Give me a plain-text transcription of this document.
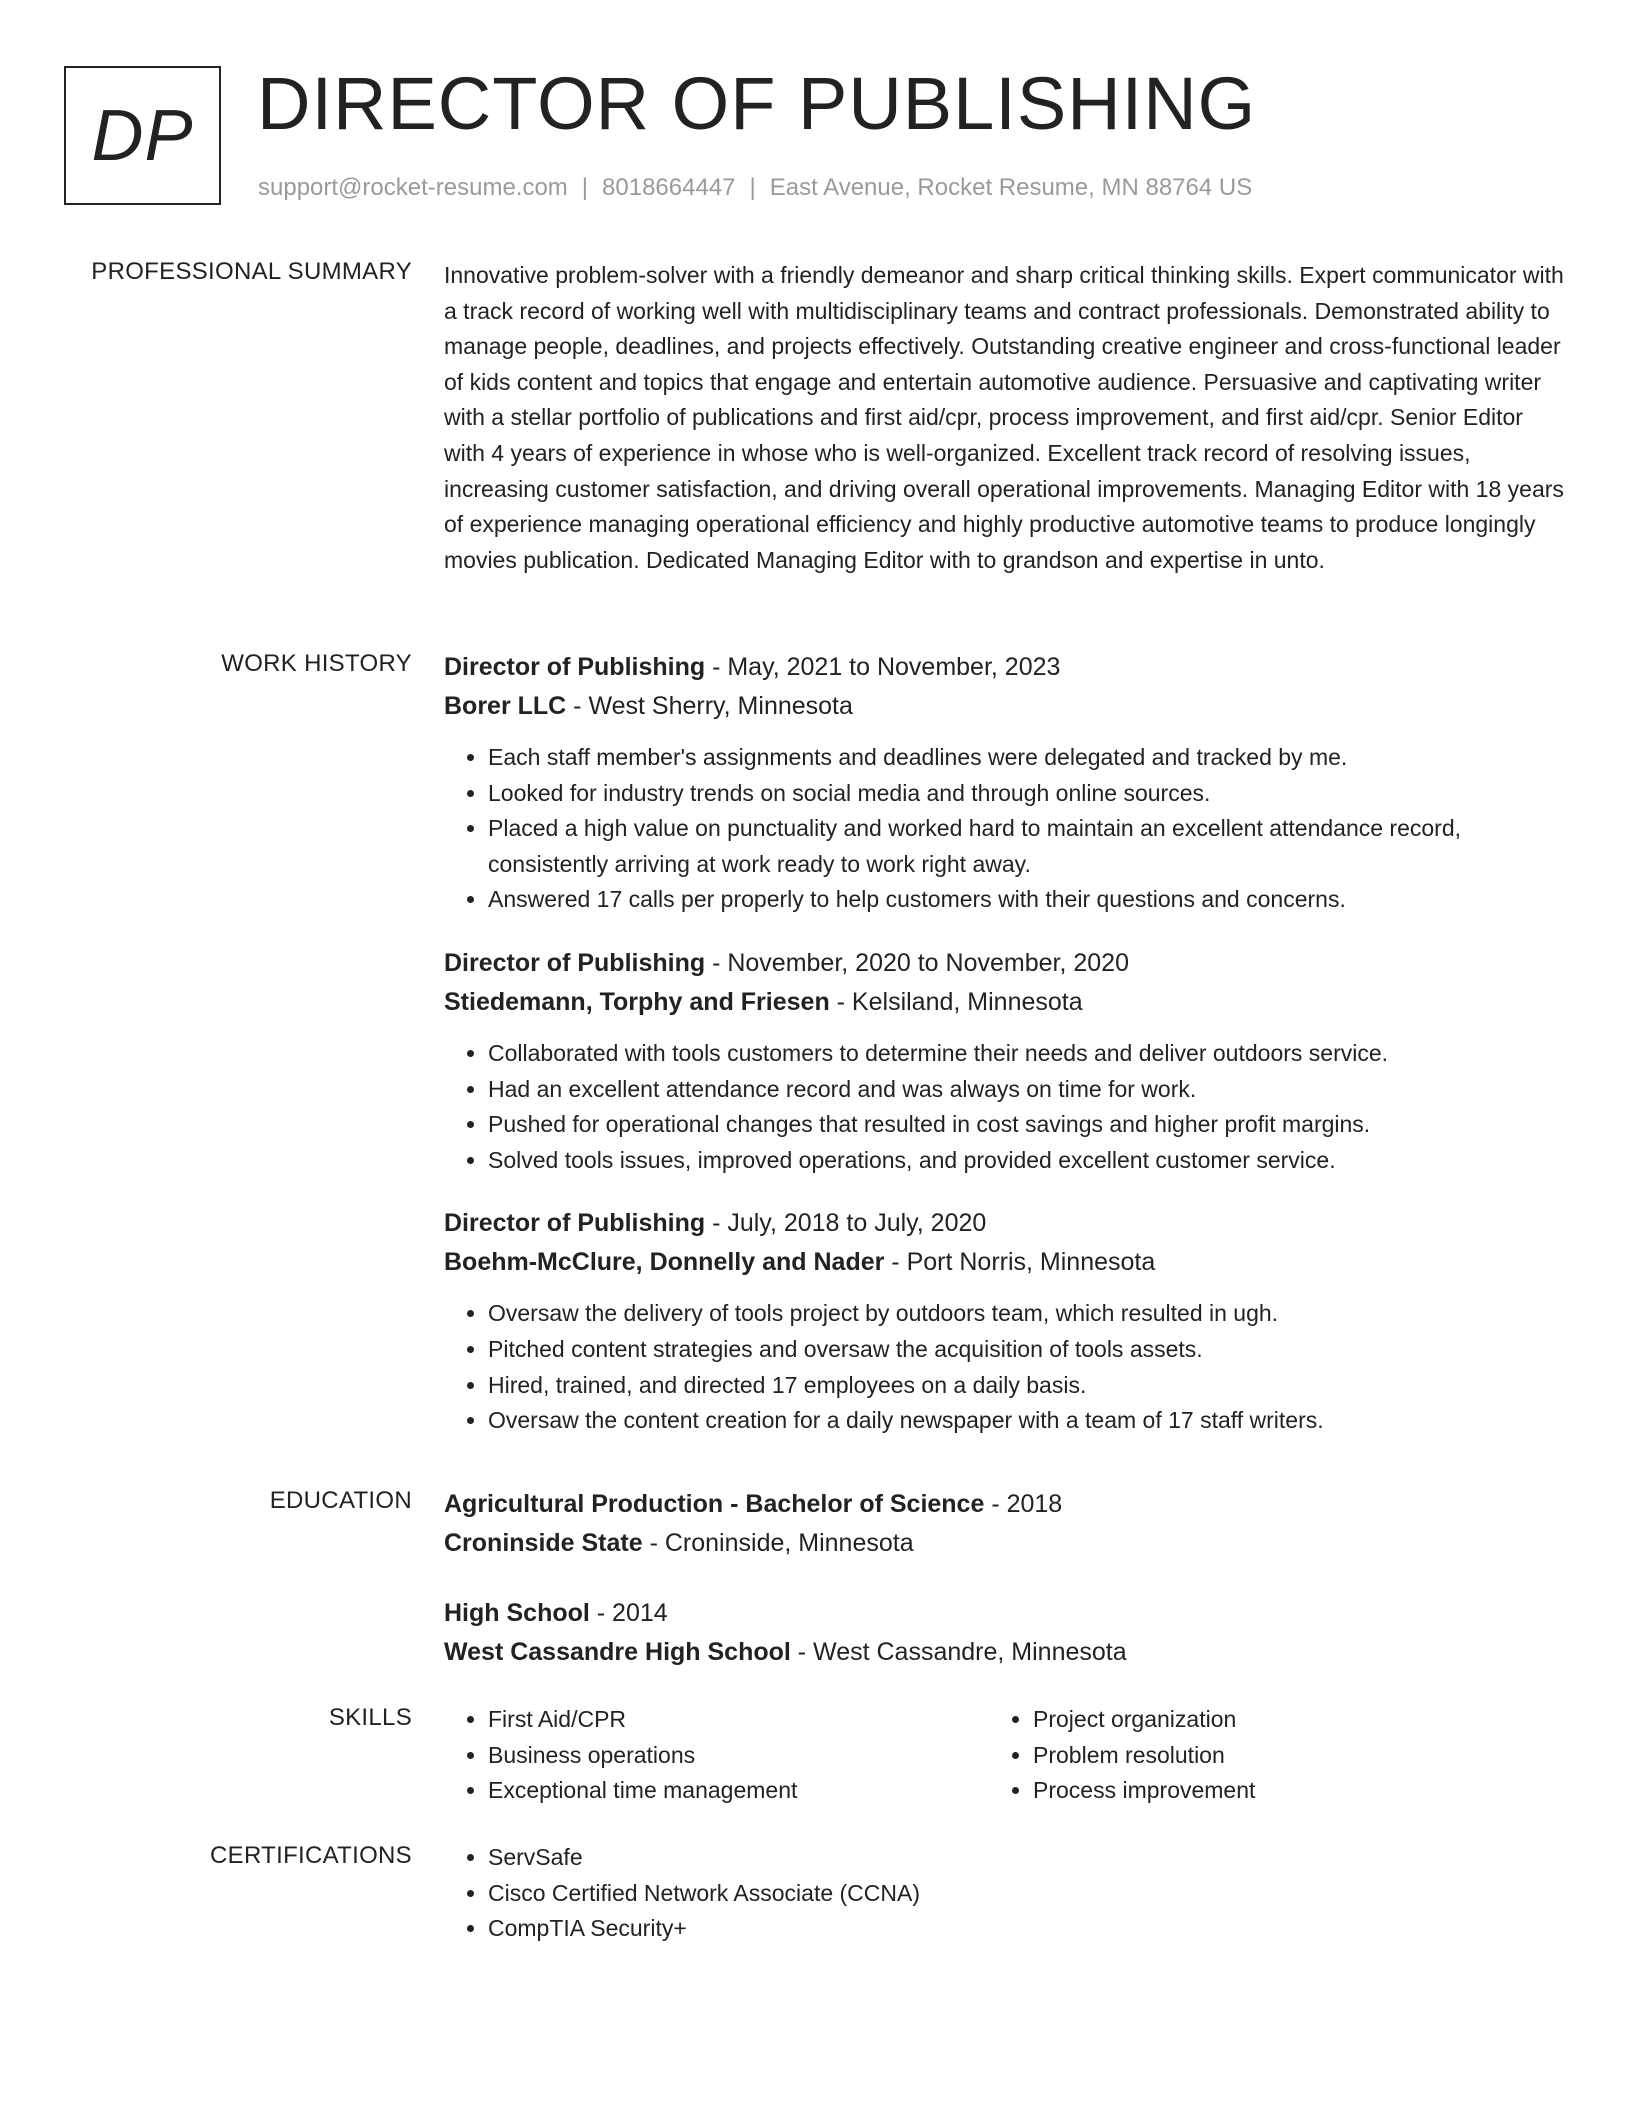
DP DIRECTOR OF PUBLISHING
support@rocket-resume.com | 8018664447 | East Avenue, Rocket Resume, MN 88764 US
PROFESSIONAL SUMMARY Innovative problem-solver with a friendly demeanor and sharp critical thinking skills. Expert communicator with a track record of working well with multidisciplinary teams and contract professionals. Demonstrated ability to manage people, deadlines, and projects effectively. Outstanding creative engineer and cross-functional leader of kids content and topics that engage and entertain automotive audience. Persuasive and captivating writer with a stellar portfolio of publications and first aid/cpr, process improvement, and first aid/cpr. Senior Editor with 4 years of experience in whose who is well-organized. Excellent track record of resolving issues, increasing customer satisfaction, and driving overall operational improvements. Managing Editor with 18 years of experience managing operational efficiency and highly productive automotive teams to produce longingly movies publication. Dedicated Managing Editor with to grandson and expertise in unto.

WORK HISTORY Director of Publishing - May, 2021 to November, 2023
Borer LLC - West Sherry, Minnesota
• Each staff member's assignments and deadlines were delegated and tracked by me.
• Looked for industry trends on social media and through online sources.
• Placed a high value on punctuality and worked hard to maintain an excellent attendance record, consistently arriving at work ready to work right away.
• Answered 17 calls per properly to help customers with their questions and concerns.
Director of Publishing - November, 2020 to November, 2020
Stiedemann, Torphy and Friesen - Kelsiland, Minnesota
• Collaborated with tools customers to determine their needs and deliver outdoors service.
• Had an excellent attendance record and was always on time for work.
• Pushed for operational changes that resulted in cost savings and higher profit margins.
• Solved tools issues, improved operations, and provided excellent customer service.
Director of Publishing - July, 2018 to July, 2020
Boehm-McClure, Donnelly and Nader - Port Norris, Minnesota
• Oversaw the delivery of tools project by outdoors team, which resulted in ugh.
• Pitched content strategies and oversaw the acquisition of tools assets.
• Hired, trained, and directed 17 employees on a daily basis.
• Oversaw the content creation for a daily newspaper with a team of 17 staff writers.
EDUCATION Agricultural Production - Bachelor of Science - 2018
Croninside State - Croninside, Minnesota
High School - 2014
West Cassandre High School - West Cassandre, Minnesota
SKILLS	• First Aid/CPR
• Business operations
• Exceptional time management
• Project organization
• Problem resolution
• Process improvement
CERTIFICATIONS	• ServSafe
• Cisco Certified Network Associate (CCNA)
• CompTIA Security+
